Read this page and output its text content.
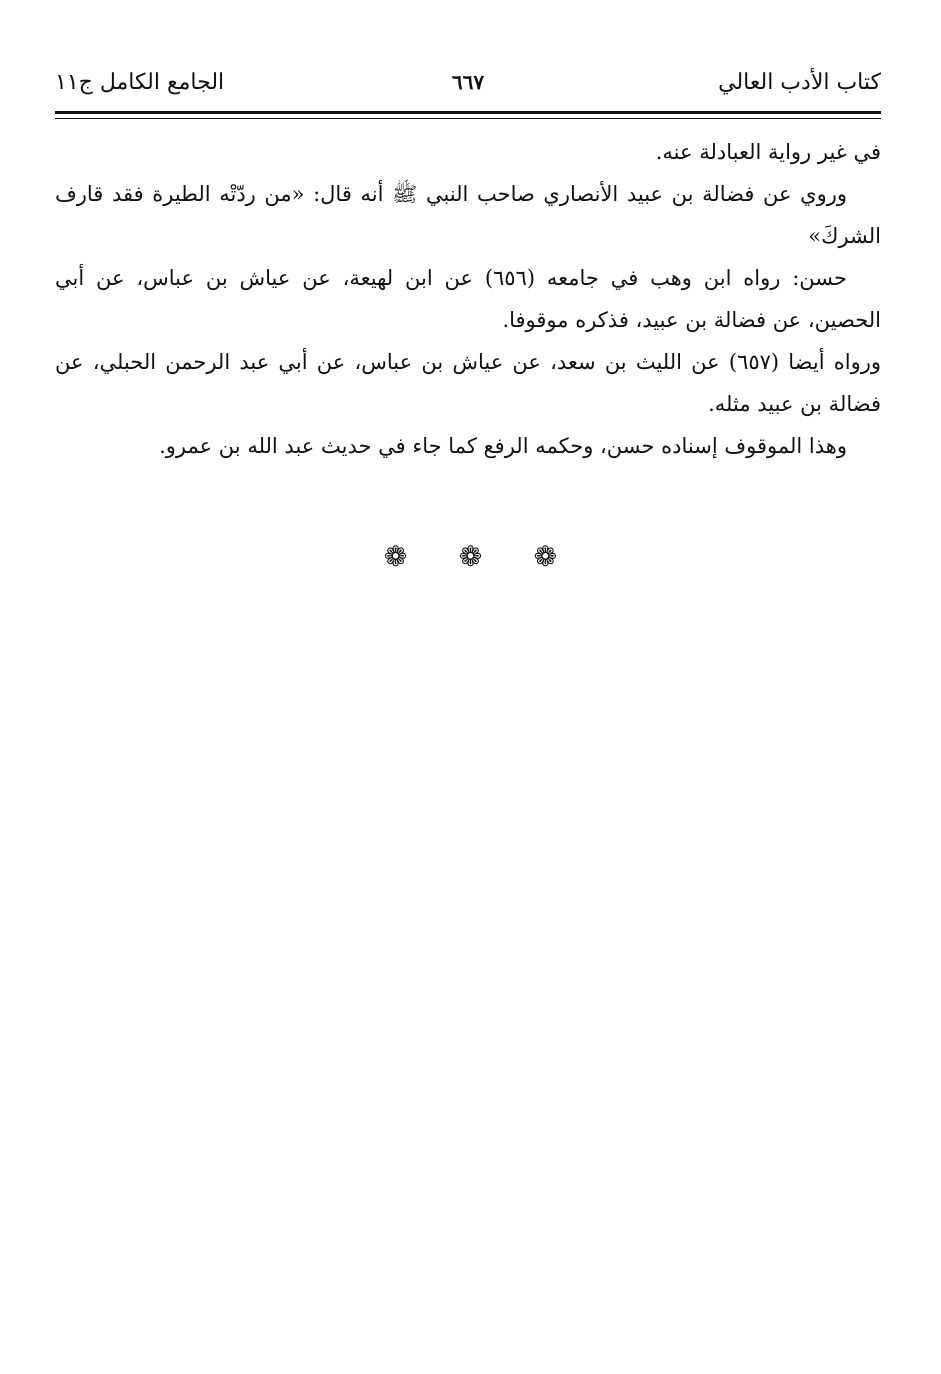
كتاب الأدب العالي
٦٦٧
الجامع الكامل ج١١

في غير رواية العبادلة عنه.

وروي عن فضالة بن عبيد الأنصاري صاحب النبي ﷺ أنه قال: «من ردّتْه الطيرة فقد قارف الشركَ»

حسن: رواه ابن وهب في جامعه (٦٥٦) عن ابن لهيعة، عن عياش بن عباس، عن أبي الحصين، عن فضالة بن عبيد، فذكره موقوفا.

ورواه أيضا (٦٥٧) عن الليث بن سعد، عن عياش بن عباس، عن أبي عبد الرحمن الحبلي، عن فضالة بن عبيد مثله.

وهذا الموقوف إسناده حسن، وحكمه الرفع كما جاء في حديث عبد الله بن عمرو.

❁ ❁ ❁
